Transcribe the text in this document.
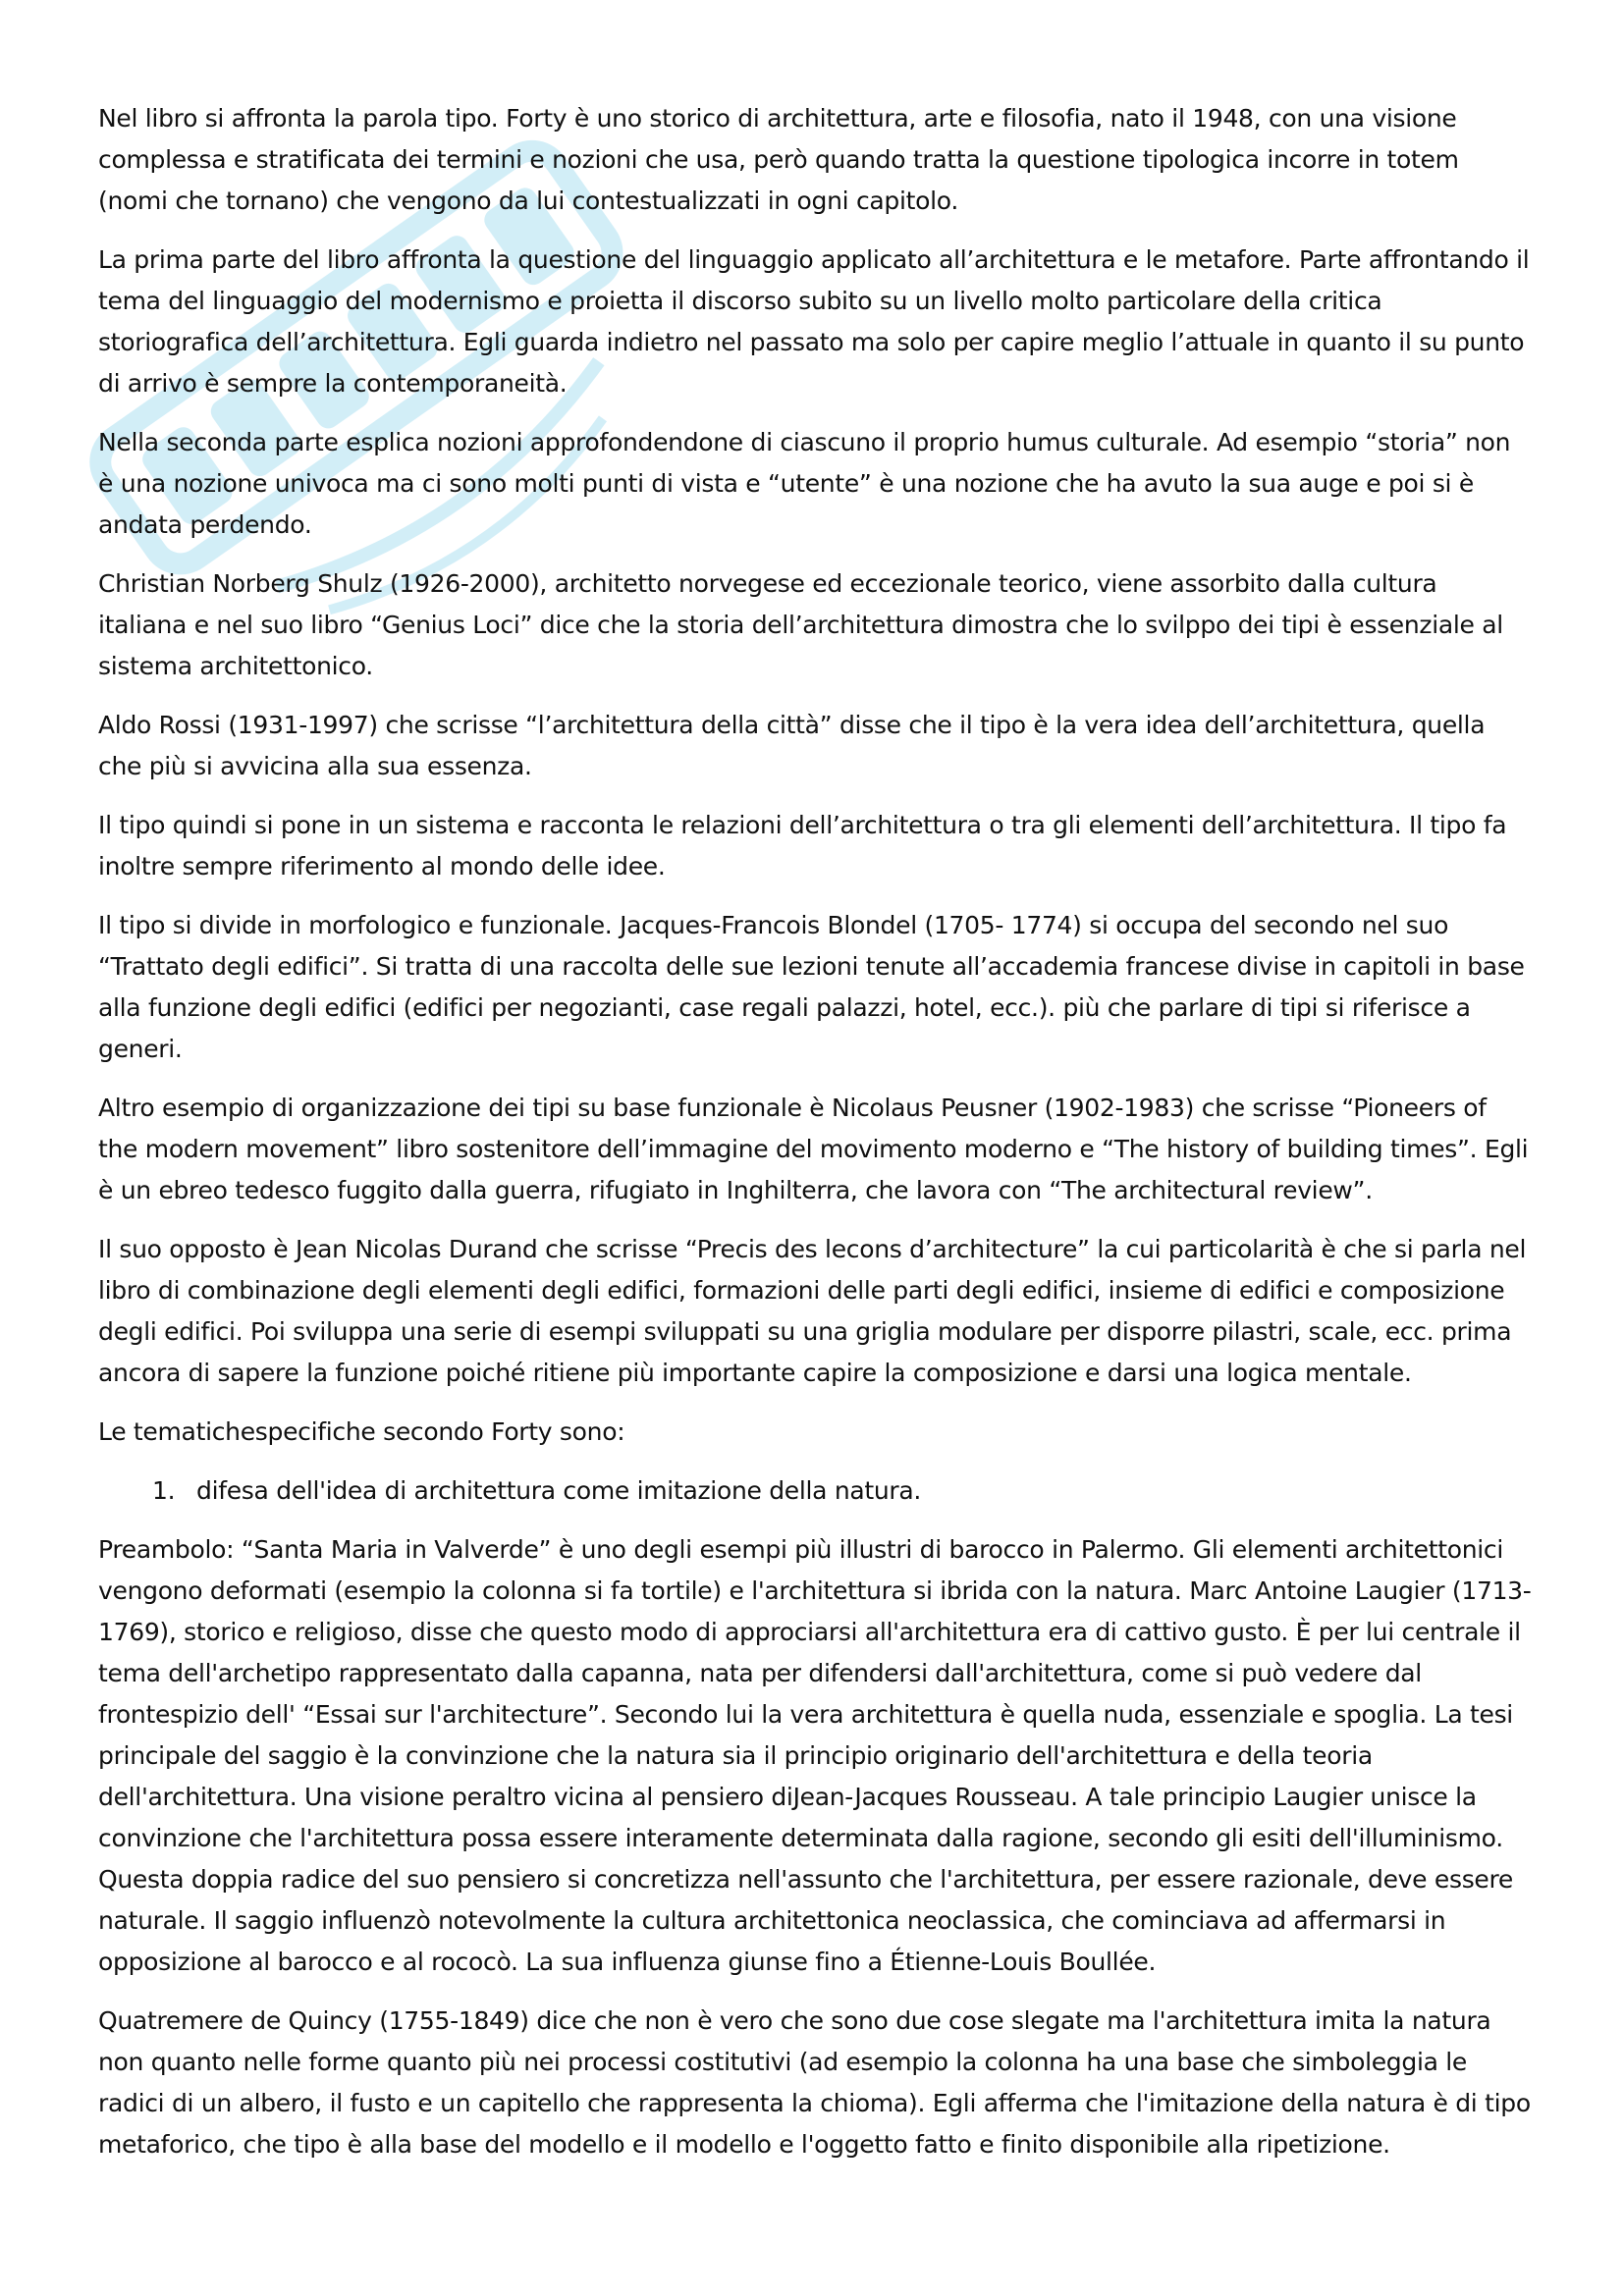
Nel libro si affronta la parola tipo. Forty è uno storico di architettura, arte e filosofia, nato il 1948, con una visione complessa e stratificata dei termini e nozioni che usa, però quando tratta la questione tipologica incorre in totem (nomi che tornano) che vengono da lui contestualizzati in ogni capitolo.

La prima parte del libro affronta la questione del linguaggio applicato all’architettura e le metafore. Parte affrontando il tema del linguaggio del modernismo e proietta il discorso subito su un livello molto particolare della critica storiografica dell’architettura. Egli guarda indietro nel passato ma solo per capire meglio l’attuale in quanto il su punto di arrivo è sempre la contemporaneità.

Nella seconda parte esplica nozioni approfondendone di ciascuno il proprio humus culturale. Ad esempio “storia” non è una nozione univoca ma ci sono molti punti di vista e “utente” è una nozione che ha avuto la sua auge e poi si è andata perdendo.

Christian Norberg Shulz (1926-2000), architetto norvegese ed eccezionale teorico, viene assorbito dalla cultura italiana e nel suo libro “Genius Loci” dice che la storia dell’architettura dimostra che lo svilppo dei tipi è essenziale al sistema architettonico.

Aldo Rossi (1931-1997) che scrisse “l’architettura della città” disse che il tipo è la vera idea dell’architettura, quella che più si avvicina alla sua essenza.

Il tipo quindi si pone in un sistema e racconta le relazioni dell’architettura o tra gli elementi dell’architettura. Il tipo fa inoltre sempre riferimento al mondo delle idee.

Il tipo si divide in morfologico e funzionale. Jacques-Francois Blondel (1705- 1774) si occupa del secondo nel suo “Trattato degli edifici”. Si tratta di una raccolta delle sue lezioni tenute all’accademia francese divise in capitoli in base alla funzione degli edifici (edifici per negozianti, case regali palazzi, hotel, ecc.). più che parlare di tipi si riferisce a generi.

Altro esempio di organizzazione dei tipi su base funzionale è Nicolaus Peusner (1902-1983) che scrisse “Pioneers of the modern movement” libro sostenitore dell’immagine del movimento moderno e “The history of building times”. Egli è un ebreo tedesco fuggito dalla guerra, rifugiato in Inghilterra, che lavora con “The architectural review”.

Il suo opposto è Jean Nicolas Durand che scrisse “Precis des lecons d’architecture” la cui particolarità è che si parla nel libro di combinazione degli elementi degli edifici, formazioni delle parti degli edifici, insieme di edifici e composizione degli edifici. Poi sviluppa una serie di esempi sviluppati su una griglia modulare per disporre pilastri, scale, ecc. prima ancora di sapere la funzione poiché ritiene più importante capire la composizione e darsi una logica mentale.

Le tematichespecifiche secondo Forty sono:

1. difesa dell'idea di architettura come imitazione della natura.

Preambolo: “Santa Maria in Valverde” è uno degli esempi più illustri di barocco in Palermo. Gli elementi architettonici vengono deformati (esempio la colonna si fa tortile) e l'architettura si ibrida con la natura. Marc Antoine Laugier (1713-1769), storico e religioso, disse che questo modo di approciarsi all'architettura era di cattivo gusto. È per lui centrale il tema dell'archetipo rappresentato dalla capanna, nata per difendersi dall'architettura, come si può vedere dal frontespizio dell' “Essai sur l'architecture”. Secondo lui la vera architettura è quella nuda, essenziale e spoglia. La tesi principale del saggio è la convinzione che la natura sia il principio originario dell'architettura e della teoria dell'architettura. Una visione peraltro vicina al pensiero diJean-Jacques Rousseau. A tale principio Laugier unisce la convinzione che l'architettura possa essere interamente determinata dalla ragione, secondo gli esiti dell'illuminismo. Questa doppia radice del suo pensiero si concretizza nell'assunto che l'architettura, per essere razionale, deve essere naturale. Il saggio influenzò notevolmente la cultura architettonica neoclassica, che cominciava ad affermarsi in opposizione al barocco e al rococò. La sua influenza giunse fino a Étienne-Louis Boullée.

Quatremere de Quincy (1755-1849) dice che non è vero che sono due cose slegate ma l'architettura imita la natura non quanto nelle forme quanto più nei processi costitutivi (ad esempio la colonna ha una base che simboleggia le radici di un albero, il fusto e un capitello che rappresenta la chioma). Egli afferma che l'imitazione della natura è di tipo metaforico, che tipo è alla base del modello e il modello e l'oggetto fatto e finito disponibile alla ripetizione.
